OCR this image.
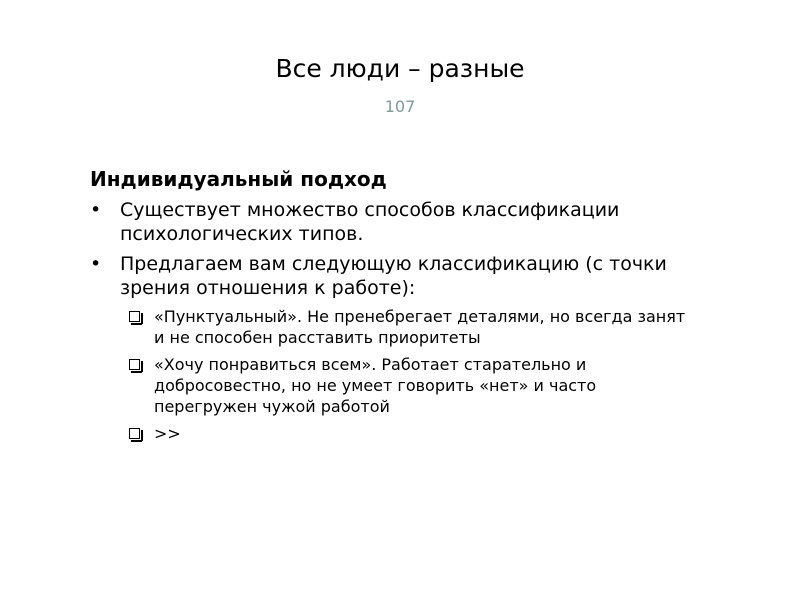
Все люди – разные
107
Индивидуальный подход
• Существует множество способов классификации психологических типов.
• Предлагаем вам следующую классификацию (с точки зрения отношения к работе):
«Пунктуальный». Не пренебрегает деталями, но всегда занят и не способен расставить приоритеты
«Хочу понравиться всем». Работает старательно и добросовестно, но не умеет говорить «нет» и часто перегружен чужой работой
>>
